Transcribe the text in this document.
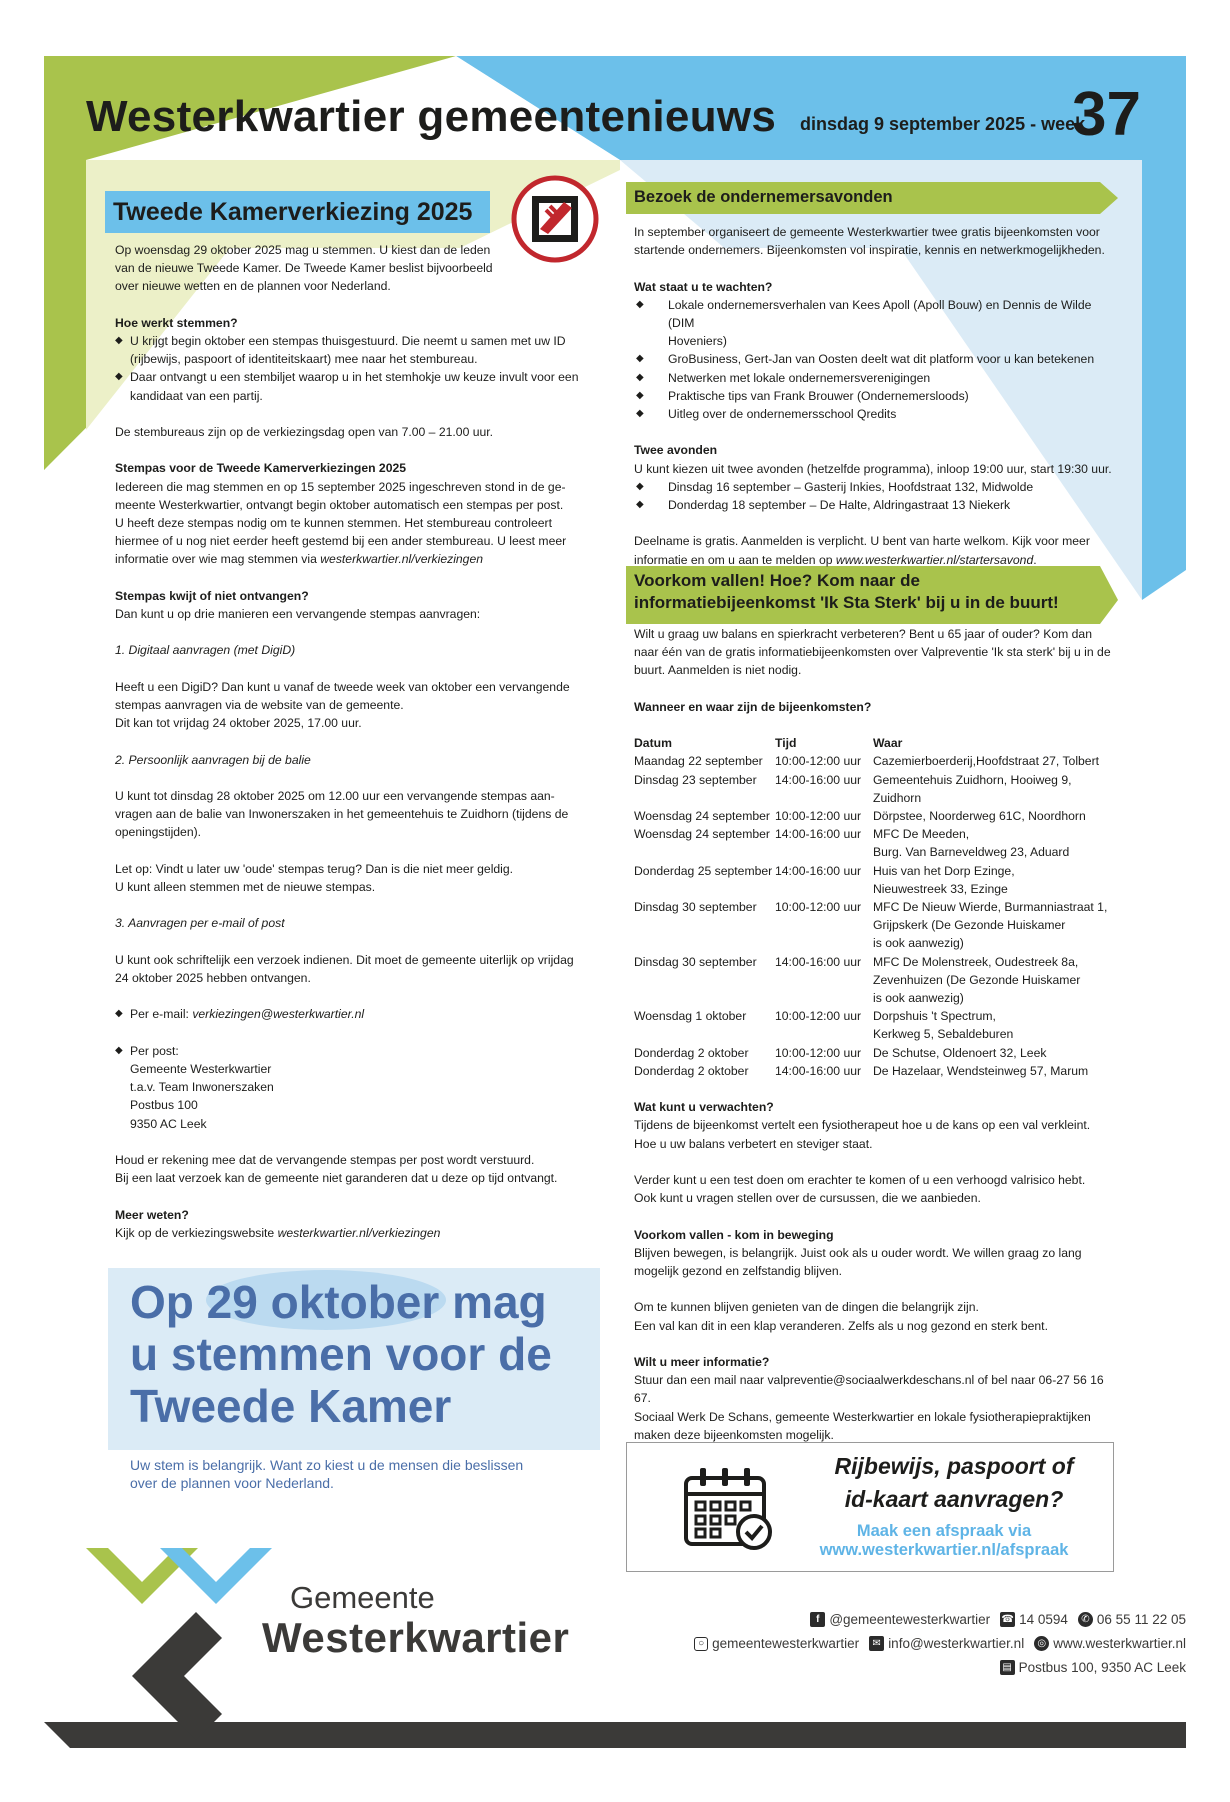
Westerkwartier gemeentenieuws dinsdag 9 september 2025 - week
37
Tweede Kamerverkiezing 2025

Op woensdag 29 oktober 2025 mag u stemmen. U kiest dan de leden

van de nieuwe Tweede Kamer. De Tweede Kamer beslist bijvoorbeeld

over nieuwe wetten en de plannen voor Nederland.

Hoe werkt stemmen?

◆ U krijgt begin oktober een stempas thuisgestuurd. Die neemt u samen met uw ID

(rijbewijs, paspoort of identiteitskaart) mee naar het stembureau.

◆ Daar ontvangt u een stembiljet waarop u in het stemhokje uw keuze invult voor een

kandidaat van een partij.

De stembureaus zijn op de verkiezingsdag open van 7.00 – 21.00 uur.

Stempas voor de Tweede Kamerverkiezingen 2025

Iedereen die mag stemmen en op 15 september 2025 ingeschreven stond in de ge-

meente Westerkwartier, ontvangt begin oktober automatisch een stempas per post.

U heeft deze stempas nodig om te kunnen stemmen. Het stembureau controleert

hiermee of u nog niet eerder heeft gestemd bij een ander stembureau. U leest meer

informatie over wie mag stemmen via westerkwartier.nl/verkiezingen

Stempas kwijt of niet ontvangen?

Dan kunt u op drie manieren een vervangende stempas aanvragen:

1. Digitaal aanvragen (met DigiD)

Heeft u een DigiD? Dan kunt u vanaf de tweede week van oktober een vervangende

stempas aanvragen via de website van de gemeente.

Dit kan tot vrijdag 24 oktober 2025, 17.00 uur.

2. Persoonlijk aanvragen bij de balie

U kunt tot dinsdag 28 oktober 2025 om 12.00 uur een vervangende stempas aan-

vragen aan de balie van Inwonerszaken in het gemeentehuis te Zuidhorn (tijdens de

openingstijden).

Let op: Vindt u later uw 'oude' stempas terug? Dan is die niet meer geldig.

U kunt alleen stemmen met de nieuwe stempas.

3. Aanvragen per e-mail of post

U kunt ook schriftelijk een verzoek indienen. Dit moet de gemeente uiterlijk op vrijdag

24 oktober 2025 hebben ontvangen.

◆ Per e-mail: verkiezingen@westerkwartier.nl

◆ Per post:

Gemeente Westerkwartier

t.a.v. Team Inwonerszaken

Postbus 100

9350 AC Leek

Houd er rekening mee dat de vervangende stempas per post wordt verstuurd.

Bij een laat verzoek kan de gemeente niet garanderen dat u deze op tijd ontvangt.

Meer weten?

Kijk op de verkiezingswebsite westerkwartier.nl/verkiezingen

Op 29 oktober mag
u stemmen voor de
Tweede Kamer
Uw stem is belangrijk. Want zo kiest u de mensen die beslissen
over de plannen voor Nederland.
Bezoek de ondernemersavonden

In september organiseert de gemeente Westerkwartier twee gratis bijeenkomsten voor

startende ondernemers. Bijeenkomsten vol inspiratie, kennis en netwerkmogelijkheden.

Wat staat u te wachten?

◆ Lokale ondernemersverhalen van Kees Apoll (Apoll Bouw) en Dennis de Wilde (DIM

Hoveniers)

◆ GroBusiness, Gert-Jan van Oosten deelt wat dit platform voor u kan betekenen

◆ Netwerken met lokale ondernemersverenigingen

◆ Praktische tips van Frank Brouwer (Ondernemersloods)

◆ Uitleg over de ondernemersschool Qredits

Twee avonden

U kunt kiezen uit twee avonden (hetzelfde programma), inloop 19:00 uur, start 19:30 uur.

◆ Dinsdag 16 september – Gasterij Inkies, Hoofdstraat 132, Midwolde

◆ Donderdag 18 september – De Halte, Aldringastraat 13 Niekerk

Deelname is gratis. Aanmelden is verplicht. U bent van harte welkom. Kijk voor meer

informatie en om u aan te melden op www.westerkwartier.nl/startersavond.

Voorkom vallen! Hoe? Kom naar de
informatiebijeenkomst 'Ik Sta Sterk' bij u in de buurt!

Wilt u graag uw balans en spierkracht verbeteren? Bent u 65 jaar of ouder? Kom dan

naar één van de gratis informatiebijeenkomsten over Valpreventie 'Ik sta sterk' bij u in de

buurt. Aanmelden is niet nodig.

Wanneer en waar zijn de bijeenkomsten?

Datum	Tijd	Waar
Maandag 22 september	10:00-12:00 uur	Cazemierboerderij,Hoofdstraat 27, Tolbert
Dinsdag 23 september	14:00-16:00 uur	Gemeentehuis Zuidhorn, Hooiweg 9,
Zuidhorn
Woensdag 24 september	10:00-12:00 uur	Dörpstee, Noorderweg 61C, Noordhorn
Woensdag 24 september	14:00-16:00 uur	MFC De Meeden,
Burg. Van Barneveldweg 23, Aduard
Donderdag 25 september	14:00-16:00 uur	Huis van het Dorp Ezinge,
Nieuwestreek 33, Ezinge
Dinsdag 30 september	10:00-12:00 uur	MFC De Nieuw Wierde, Burmanniastraat 1,
Grijpskerk (De Gezonde Huiskamer
is ook aanwezig)
Dinsdag 30 september	14:00-16:00 uur	MFC De Molenstreek, Oudestreek 8a,
Zevenhuizen (De Gezonde Huiskamer
is ook aanwezig)
Woensdag 1 oktober	10:00-12:00 uur	Dorpshuis 't Spectrum,
Kerkweg 5, Sebaldeburen
Donderdag 2 oktober	10:00-12:00 uur	De Schutse, Oldenoert 32, Leek
Donderdag 2 oktober	14:00-16:00 uur	De Hazelaar, Wendsteinweg 57, Marum

Wat kunt u verwachten?

Tijdens de bijeenkomst vertelt een fysiotherapeut hoe u de kans op een val verkleint.

Hoe u uw balans verbetert en steviger staat.

Verder kunt u een test doen om erachter te komen of u een verhoogd valrisico hebt.

Ook kunt u vragen stellen over de cursussen, die we aanbieden.

Voorkom vallen - kom in beweging

Blijven bewegen, is belangrijk. Juist ook als u ouder wordt. We willen graag zo lang

mogelijk gezond en zelfstandig blijven.

Om te kunnen blijven genieten van de dingen die belangrijk zijn.

Een val kan dit in een klap veranderen. Zelfs als u nog gezond en sterk bent.

Wilt u meer informatie?

Stuur dan een mail naar valpreventie@sociaalwerkdeschans.nl of bel naar 06-27 56 16 67.

Sociaal Werk De Schans, gemeente Westerkwartier en lokale fysiotherapiepraktijken

maken deze bijeenkomsten mogelijk.

Rijbewijs, paspoort of
id-kaart aanvragen?
Maak een afspraak via
www.westerkwartier.nl/afspraak
Gemeente
Westerkwartier	f @gemeentewesterkwartier ☎ 14 0594	✆ 06 55 11 22 05
○ gemeentewesterkwartier	✉ info@westerkwartier.nl	◎ www.westerkwartier.nl
▤ Postbus 100, 9350 AC Leek
